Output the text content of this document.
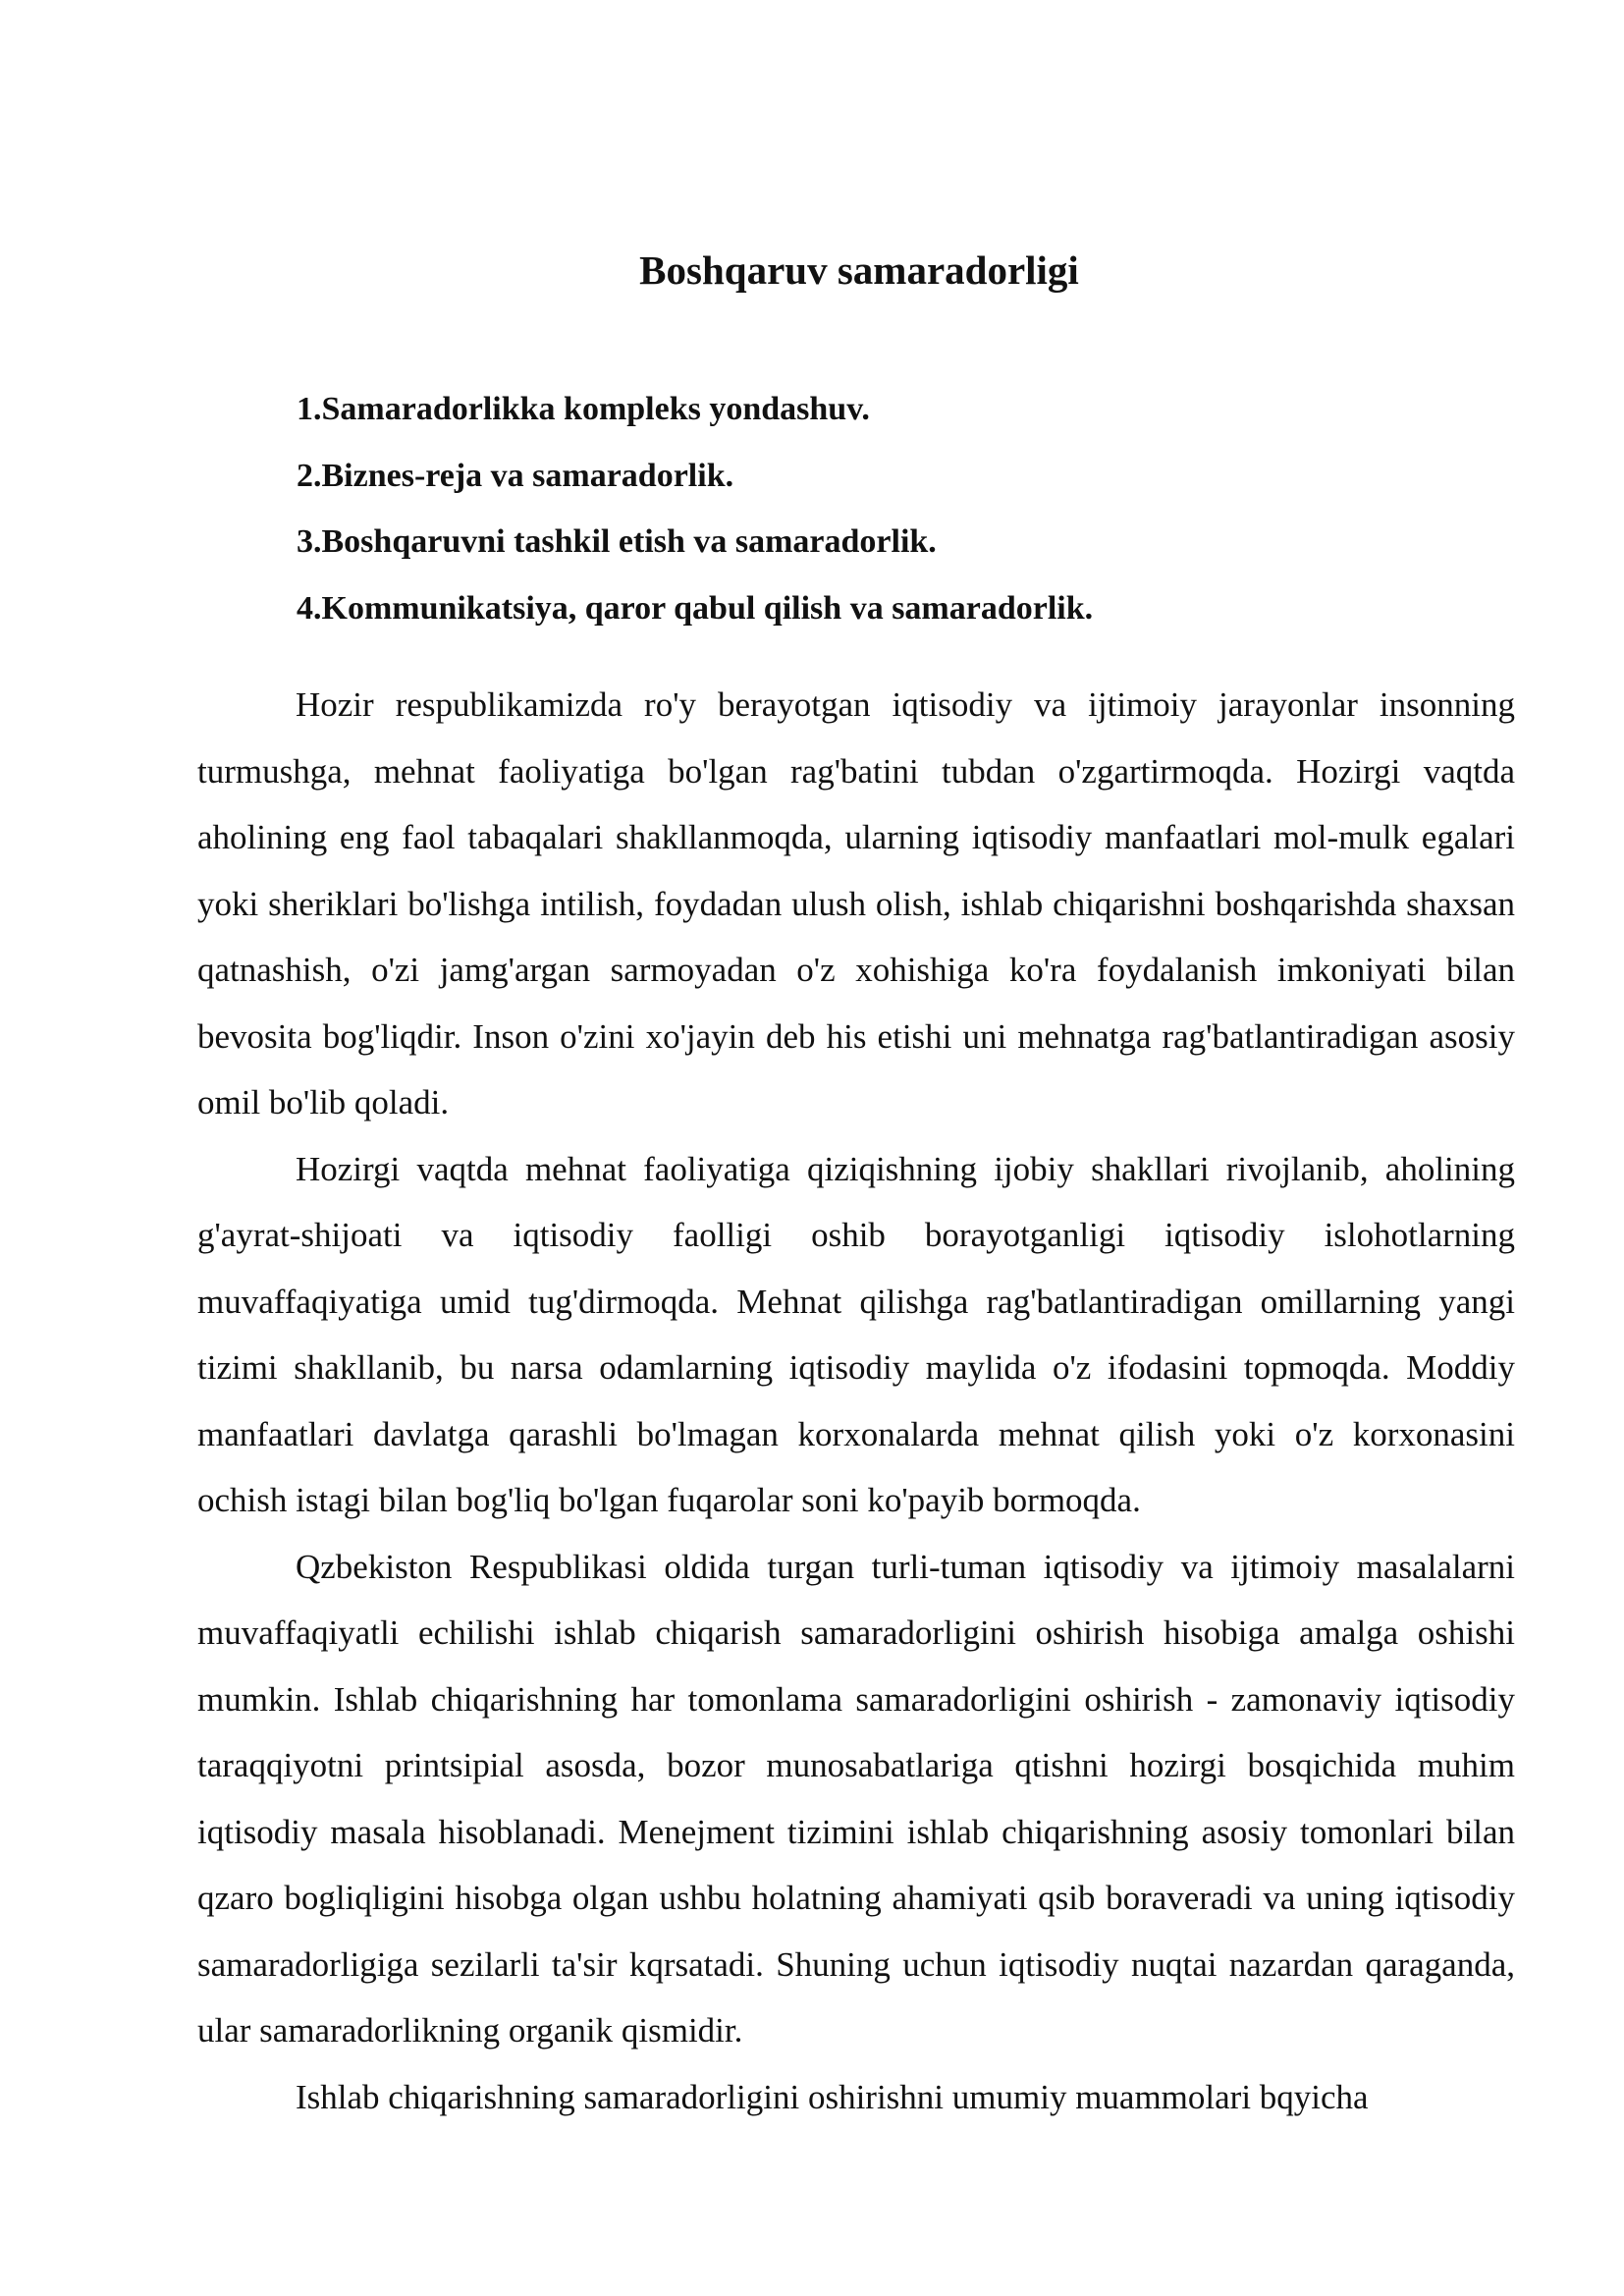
Boshqaruv samaradorligi
1.Samaradorlikka kompleks yondashuv.
2.Biznes-reja va samaradorlik.
3.Boshqaruvni tashkil etish va samaradorlik.
4.Kommunikatsiya, qaror qabul qilish va samaradorlik.

Hozir respublikamizda ro'y berayotgan iqtisodiy va ijtimoiy jarayonlar insonning turmushga, mehnat faoliyatiga bo'lgan rag'batini tubdan o'zgartirmoqda. Hozirgi vaqtda aholining eng faol tabaqalari shakllanmoqda, ularning iqtisodiy manfaatlari mol-mulk egalari yoki sheriklari bo'lishga intilish, foydadan ulush olish, ishlab chiqarishni boshqarishda shaxsan qatnashish, o'zi jamg'argan sarmoyadan o'z xohishiga ko'ra foydalanish imkoniyati bilan bevosita bog'liqdir. Inson o'zini xo'jayin deb his etishi uni mehnatga rag'batlantiradigan asosiy omil bo'lib qoladi.

Hozirgi vaqtda mehnat faoliyatiga qiziqishning ijobiy shakllari rivojlanib, aholining g'ayrat-shijoati va iqtisodiy faolligi oshib borayotganligi iqtisodiy islohotlarning muvaffaqiyatiga umid tug'dirmoqda. Mehnat qilishga rag'batlantiradigan omillarning yangi tizimi shakllanib, bu narsa odamlarning iqtisodiy maylida o'z ifodasini topmoqda. Moddiy manfaatlari davlatga qarashli bo'lmagan korxonalarda mehnat qilish yoki o'z korxonasini ochish istagi bilan bog'liq bo'lgan fuqarolar soni ko'payib bormoqda.

Qzbekiston Respublikasi oldida turgan turli-tuman iqtisodiy va ijtimoiy masalalarni muvaffaqiyatli echilishi ishlab chiqarish samaradorligini oshirish hisobiga amalga oshishi mumkin. Ishlab chiqarishning har tomonlama samaradorligini oshirish - zamonaviy iqtisodiy taraqqiyotni printsipial asosda, bozor munosabatlariga qtishni hozirgi bosqichida muhim iqtisodiy masala hisoblanadi. Menejment tizimini ishlab chiqarishning asosiy tomonlari bilan qzaro bogliqligini hisobga olgan ushbu holatning ahamiyati qsib boraveradi va uning iqtisodiy samaradorligiga sezilarli ta'sir kqrsatadi. Shuning uchun iqtisodiy nuqtai nazardan qaraganda, ular samaradorlikning organik qismidir.

Ishlab chiqarishning samaradorligini oshirishni umumiy muammolari bqyicha
